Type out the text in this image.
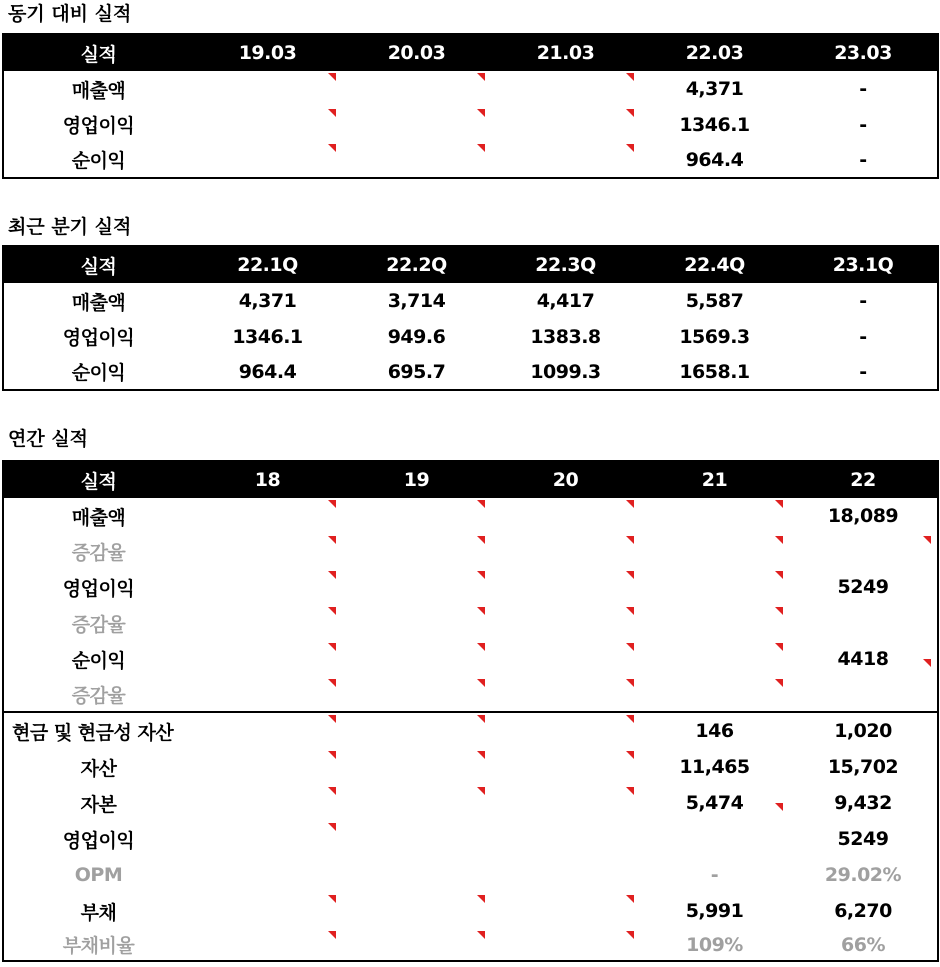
동기 대비 실적
실적	19.03	20.03	21.03	22.03	23.03
매출액				4,371	-
영업이익				1346.1	-
순이익				964.4	-
최근 분기 실적
실적	22.1Q	22.2Q	22.3Q	22.4Q	23.1Q
매출액	4,371	3,714	4,417	5,587	-
영업이익	1346.1	949.6	1383.8	1569.3	-
순이익	964.4	695.7	1099.3	1658.1	-
연간 실적
실적	18	19	20	21	22
매출액					18,089
증감율	

영업이익					5249
증감율	

순이익					4418

증감율	

현금 및 현금성 자산				146	1,020
자산				11,465	15,702
자본				5,474	9,432
영업이익					5249
OPM				-	29.02%
부채				5,991	6,270
부채비율				109%	66%
